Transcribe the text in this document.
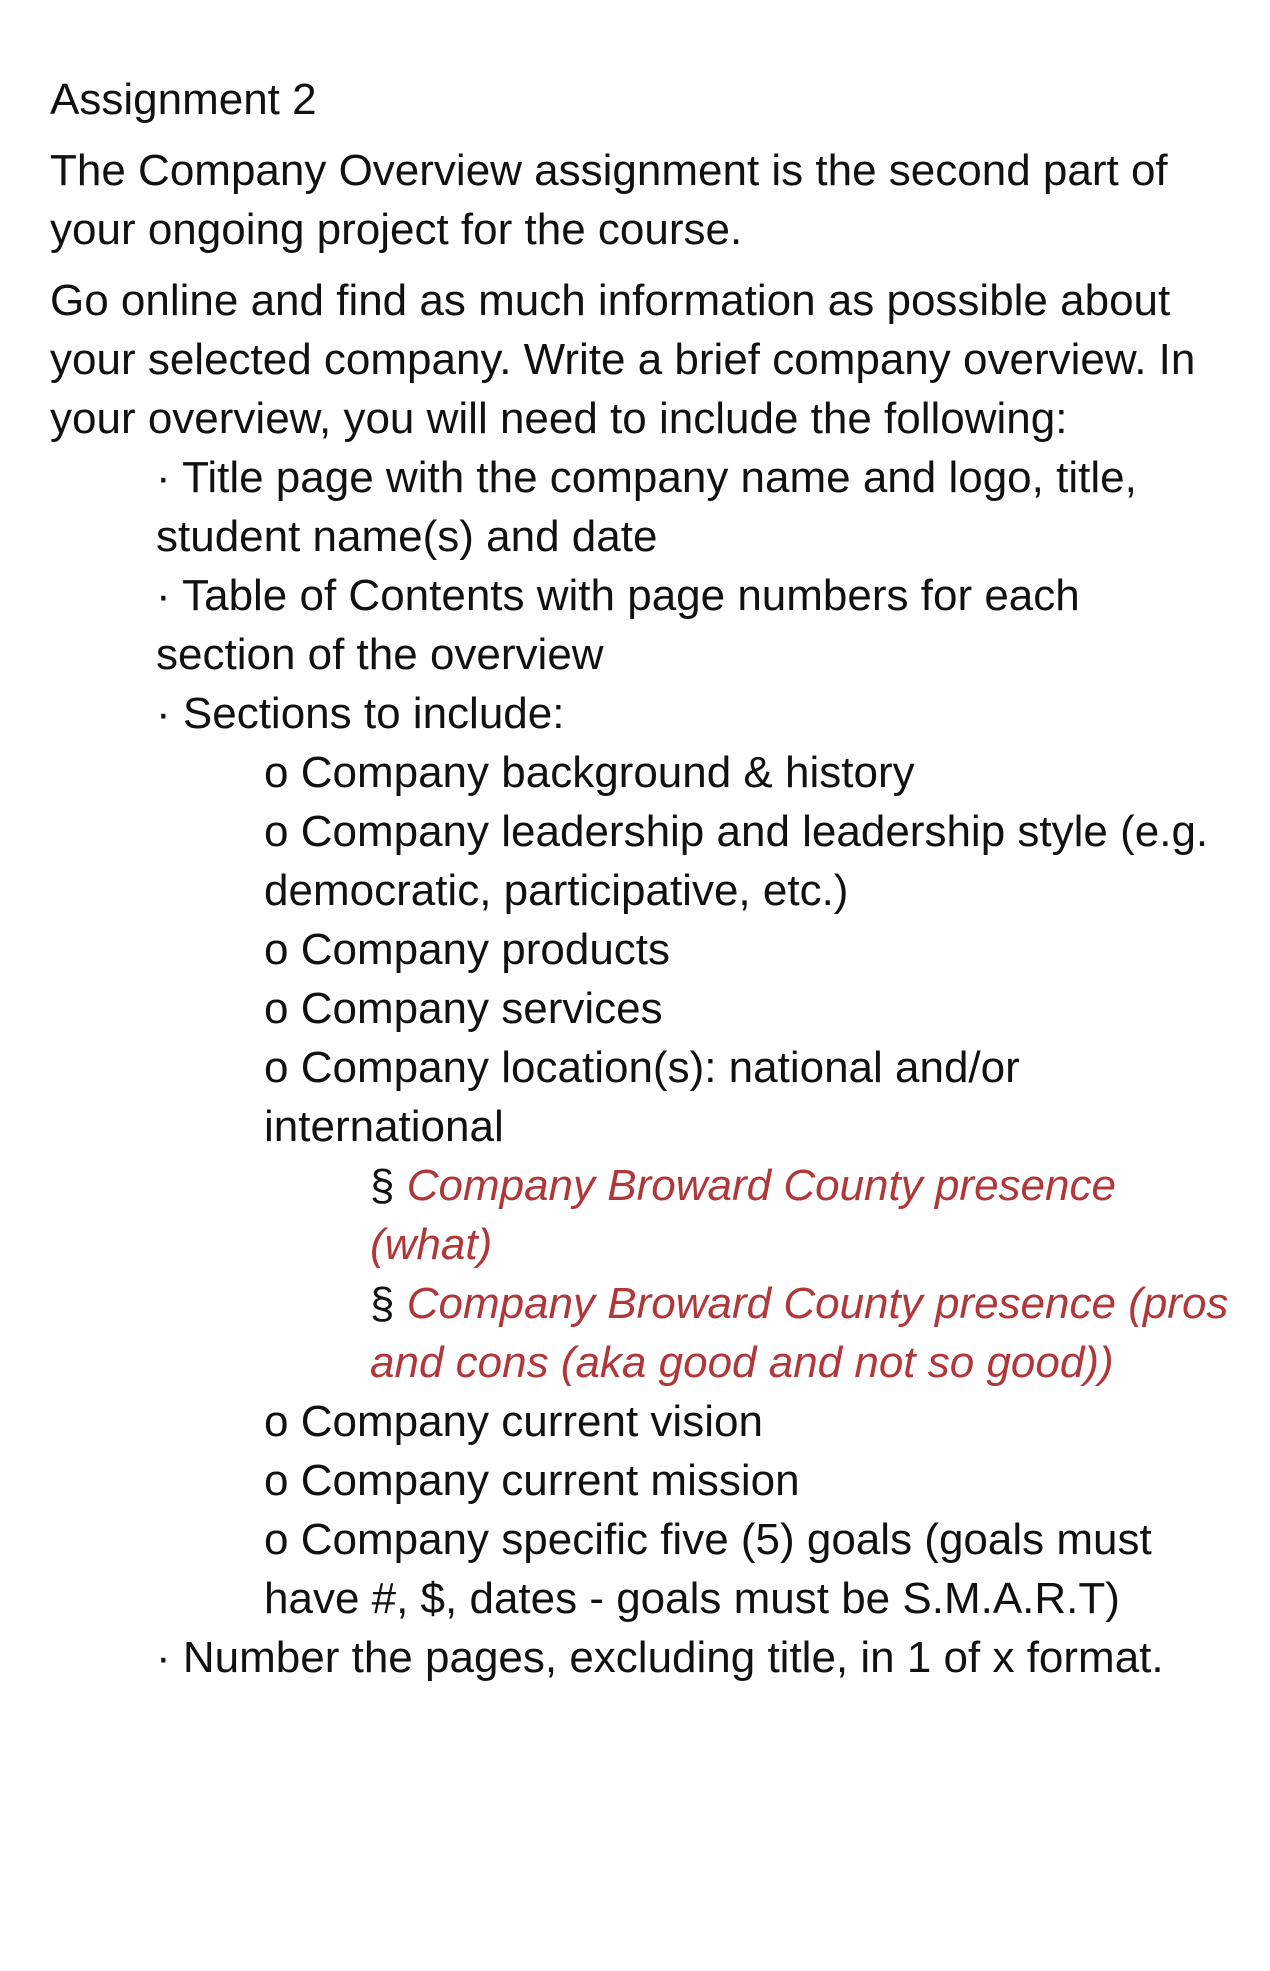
Assignment 2
The Company Overview assignment is the second part of your ongoing project for the course.
Go online and find as much information as possible about your selected company. Write a brief company overview. In your overview, you will need to include the following:
· Title page with the company name and logo, title, student name(s) and date
· Table of Contents with page numbers for each section of the overview
· Sections to include:
o Company background & history
o Company leadership and leadership style (e.g. democratic, participative, etc.)
o Company products
o Company services
o Company location(s): national and/or international
§ Company Broward County presence (what)
§ Company Broward County presence (pros and cons (aka good and not so good))
o Company current vision
o Company current mission
o Company specific five (5) goals (goals must have #, $, dates - goals must be S.M.A.R.T)
· Number the pages, excluding title, in 1 of x format.
